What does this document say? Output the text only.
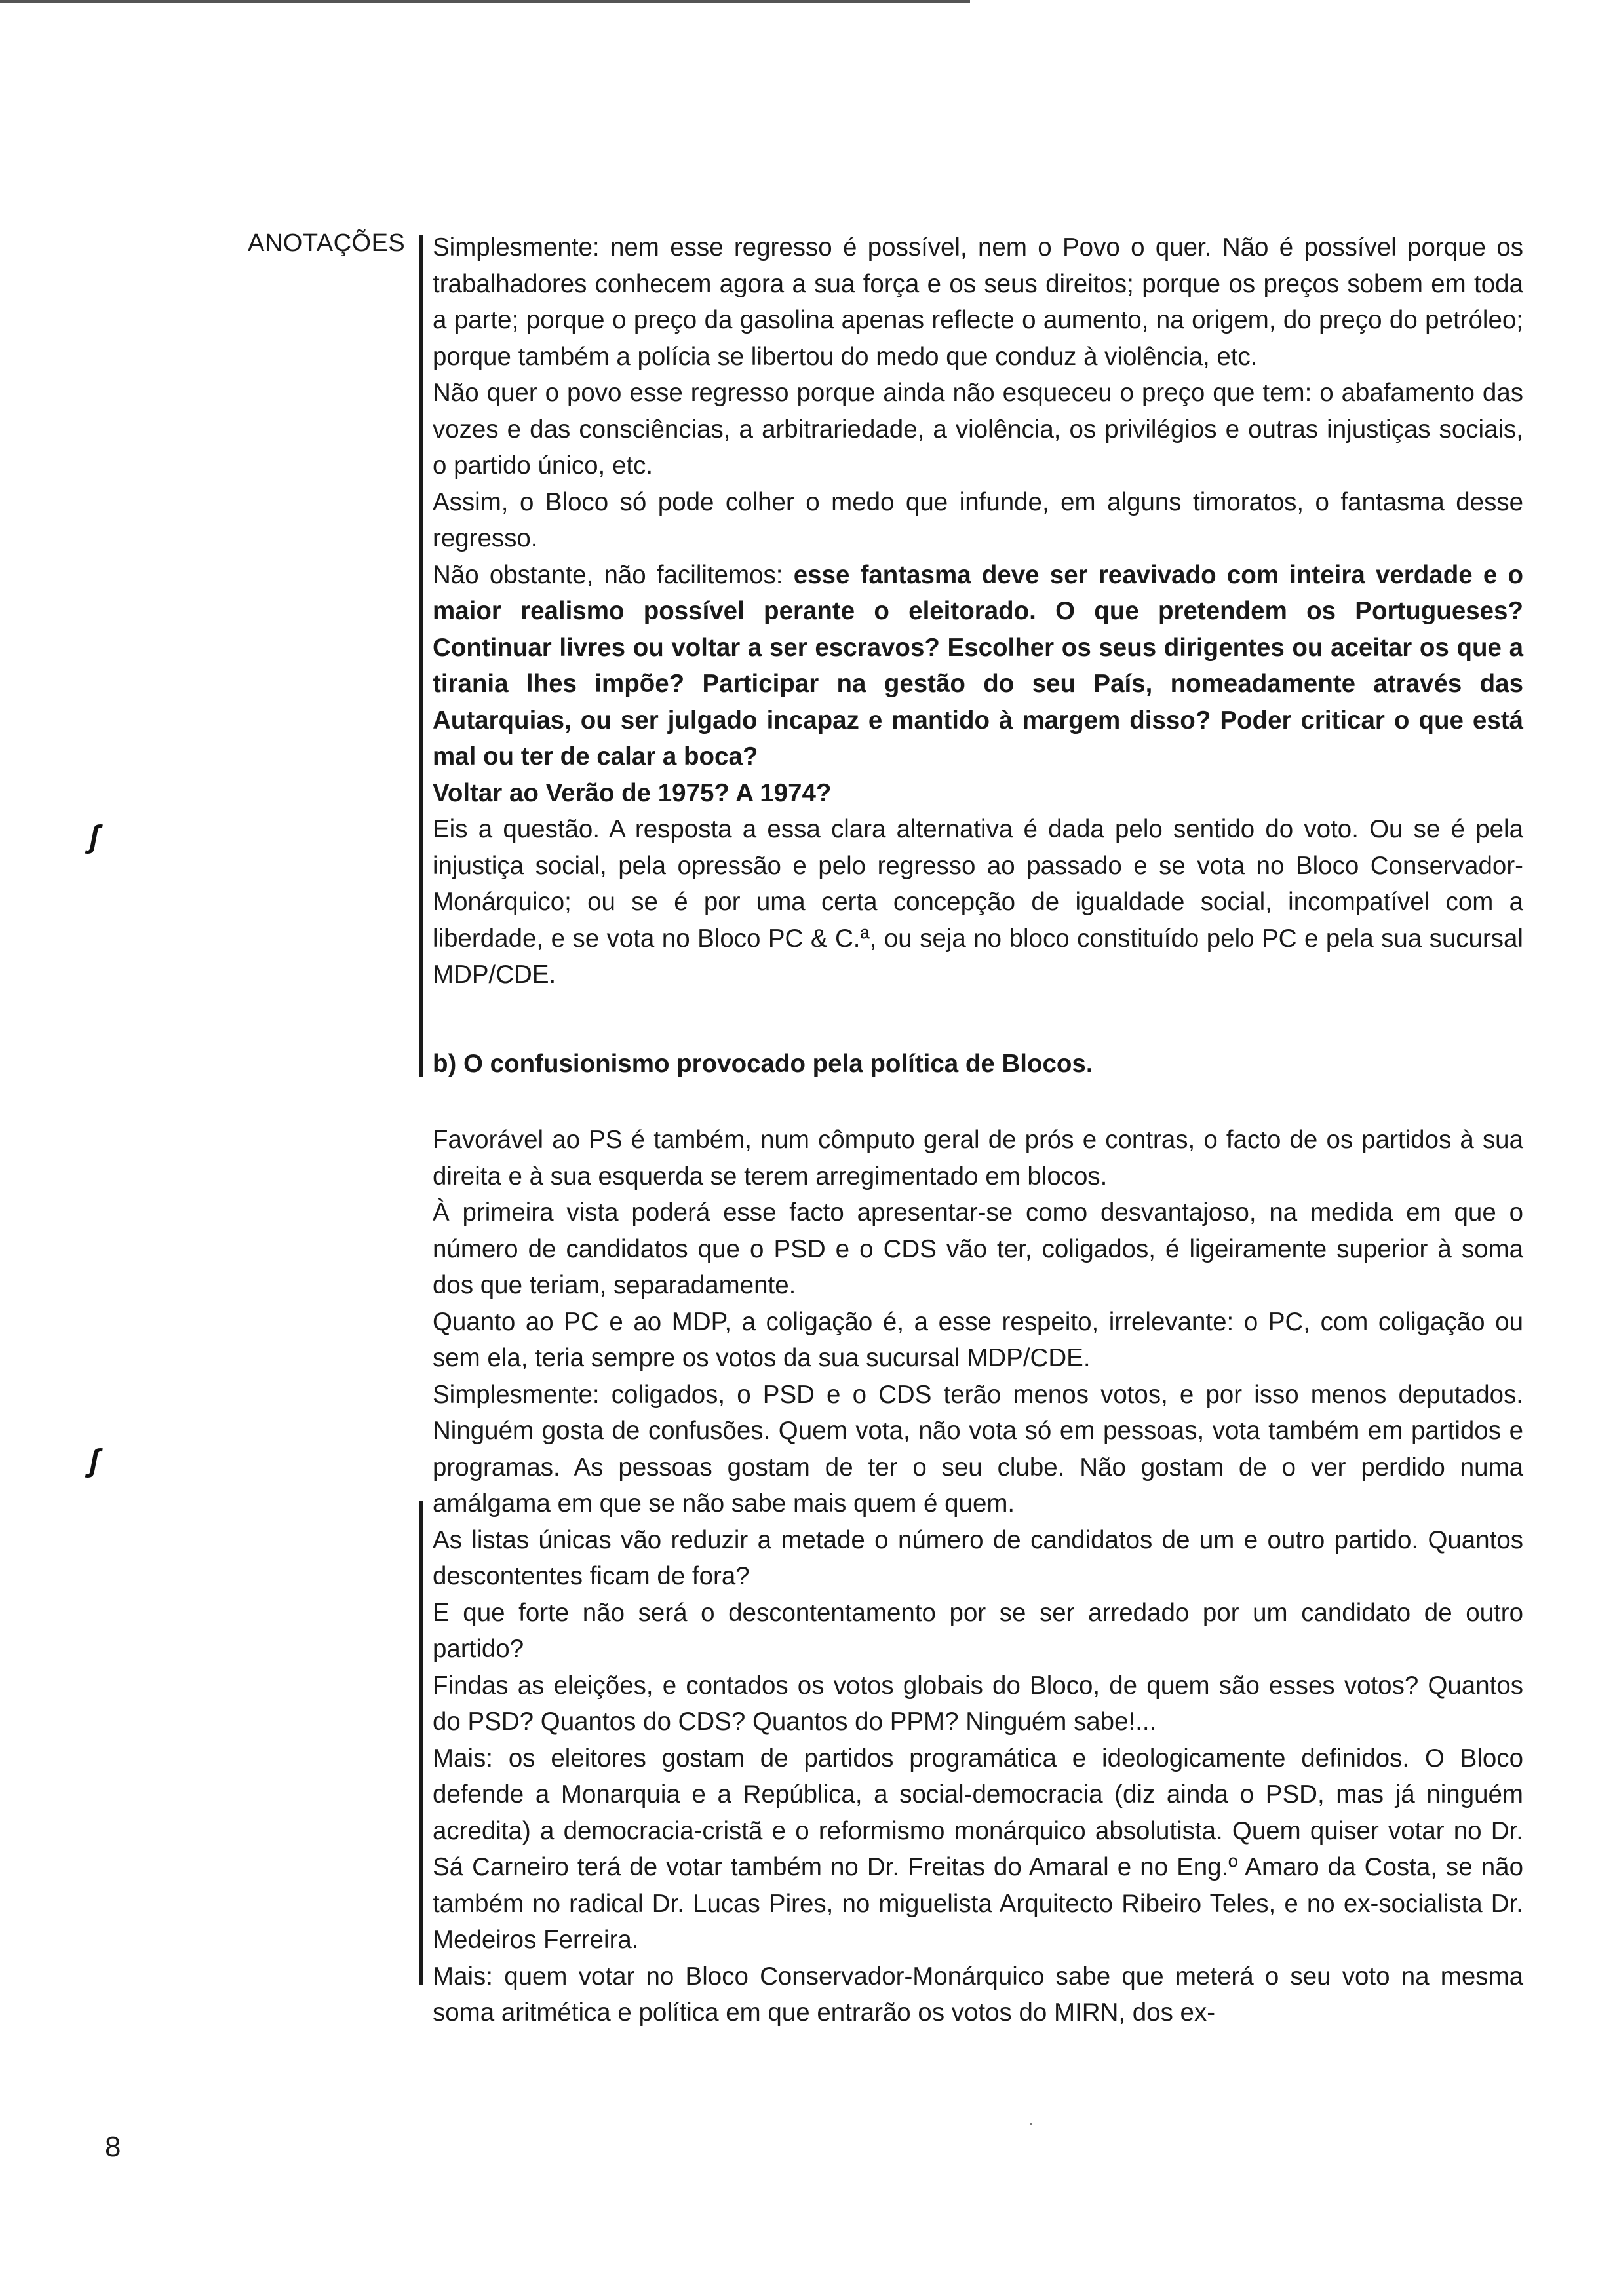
ANOTAÇÕES
ʃ
ʃ

Simplesmente: nem esse regresso é possível, nem o Povo o quer. Não é possível porque os trabalhadores conhecem agora a sua força e os seus direitos; porque os preços sobem em toda a parte; porque o preço da gasolina apenas reflecte o aumento, na origem, do preço do petróleo; porque também a polícia se libertou do medo que conduz à violência, etc.

Não quer o povo esse regresso porque ainda não esqueceu o preço que tem: o abafamento das vozes e das consciências, a arbitrariedade, a violência, os privilégios e outras injustiças sociais, o partido único, etc.

Assim, o Bloco só pode colher o medo que infunde, em alguns timoratos, o fantasma desse regresso.

Não obstante, não facilitemos: esse fantasma deve ser reavivado com inteira verdade e o maior realismo possível perante o eleitorado. O que pretendem os Portugueses? Continuar livres ou voltar a ser escravos? Escolher os seus dirigentes ou aceitar os que a tirania lhes impõe? Participar na gestão do seu País, nomeadamente através das Autarquias, ou ser julgado incapaz e mantido à margem disso? Poder criticar o que está mal ou ter de calar a boca?

Voltar ao Verão de 1975? A 1974?

Eis a questão. A resposta a essa clara alternativa é dada pelo sentido do voto. Ou se é pela injustiça social, pela opressão e pelo regresso ao passado e se vota no Bloco Conservador-Monárquico; ou se é por uma certa concepção de igualdade social, incompatível com a liberdade, e se vota no Bloco PC & C.ª, ou seja no bloco constituído pelo PC e pela sua sucursal MDP/CDE.

b) O confusionismo provocado pela política de Blocos.

Favorável ao PS é também, num cômputo geral de prós e contras, o facto de os partidos à sua direita e à sua esquerda se terem arregimentado em blocos.

À primeira vista poderá esse facto apresentar-se como desvantajoso, na medida em que o número de candidatos que o PSD e o CDS vão ter, coligados, é ligeiramente superior à soma dos que teriam, separadamente.

Quanto ao PC e ao MDP, a coligação é, a esse respeito, irrelevante: o PC, com coligação ou sem ela, teria sempre os votos da sua sucursal MDP/CDE.

Simplesmente: coligados, o PSD e o CDS terão menos votos, e por isso menos deputados. Ninguém gosta de confusões. Quem vota, não vota só em pessoas, vota também em partidos e programas. As pessoas gostam de ter o seu clube. Não gostam de o ver perdido numa amálgama em que se não sabe mais quem é quem.

As listas únicas vão reduzir a metade o número de candidatos de um e outro partido. Quantos descontentes ficam de fora?

E que forte não será o descontentamento por se ser arredado por um candidato de outro partido?

Findas as eleições, e contados os votos globais do Bloco, de quem são esses votos? Quantos do PSD? Quantos do CDS? Quantos do PPM? Ninguém sabe!...

Mais: os eleitores gostam de partidos programática e ideologicamente definidos. O Bloco defende a Monarquia e a República, a social-democracia (diz ainda o PSD, mas já ninguém acredita) a democracia-cristã e o reformismo monárquico absolutista. Quem quiser votar no Dr. Sá Carneiro terá de votar também no Dr. Freitas do Amaral e no Eng.º Amaro da Costa, se não também no radical Dr. Lucas Pires, no miguelista Arquitecto Ribeiro Teles, e no ex-socialista Dr. Medeiros Ferreira.

Mais: quem votar no Bloco Conservador-Monárquico sabe que meterá o seu voto na mesma soma aritmética e política em que entrarão os votos do MIRN, dos ex-

8
